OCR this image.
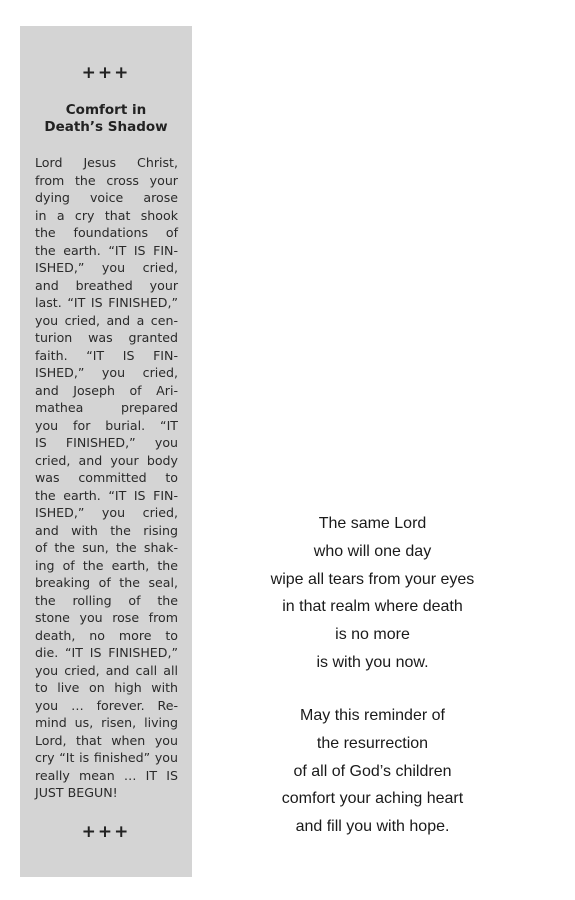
+++
Comfort in
Death’s Shadow
Lord Jesus Christ,
from the cross your
dying voice arose
in a cry that shook
the foundations of
the earth. “IT IS FIN-
ISHED,” you cried,
and breathed your
last. “IT IS FINISHED,”
you cried, and a cen-
turion was granted
faith. “IT IS FIN-
ISHED,” you cried,
and Joseph of Ari-
mathea prepared
you for burial. “IT
IS FINISHED,” you
cried, and your body
was committed to
the earth. “IT IS FIN-
ISHED,” you cried,
and with the rising
of the sun, the shak-
ing of the earth, the
breaking of the seal,
the rolling of the
stone you rose from
death, no more to
die. “IT IS FINISHED,”
you cried, and call all
to live on high with
you … forever. Re-
mind us, risen, living
Lord, that when you
cry “It is finished” you
really mean … IT IS
JUST BEGUN!
+++
The same Lord
who will one day
wipe all tears from your eyes
in that realm where death
is no more
is with you now.
May this reminder of
the resurrection
of all of God’s children
comfort your aching heart
and fill you with hope.
